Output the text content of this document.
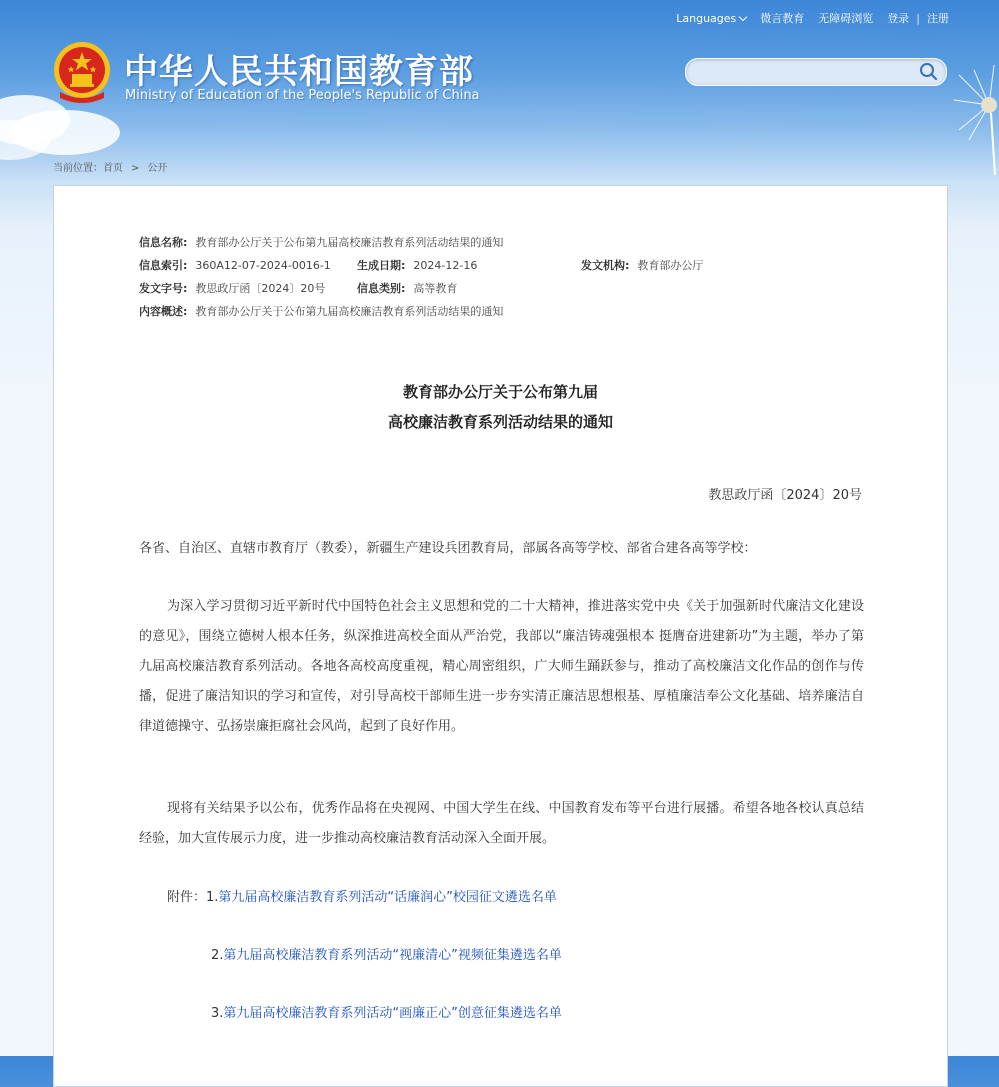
Languages	微言教育 无障碍浏览 登录 | 注册
中华人民共和国教育部
Ministry of Education of the People's Republic of China
当前位置：首页 > 公开
信息名称: 教育部办公厅关于公布第九届高校廉洁教育系列活动结果的通知
信息索引: 360A12-07-2024-0016-1 生成日期: 2024-12-16	发文机构: 教育部办公厅
发文字号: 教思政厅函〔2024〕20号	信息类别: 高等教育
内容概述: 教育部办公厅关于公布第九届高校廉洁教育系列活动结果的通知
教育部办公厅关于公布第九届
高校廉洁教育系列活动结果的通知
教思政厅函〔2024〕20号
各省、自治区、直辖市教育厅（教委），新疆生产建设兵团教育局，部属各高等学校、部省合建各高等学校：
为深入学习贯彻习近平新时代中国特色社会主义思想和党的二十大精神，推进落实党中央《关于加强新时代廉洁文化建设的意见》，围绕立德树人根本任务，纵深推进高校全面从严治党，我部以“廉洁铸魂强根本 挺膺奋进建新功”为主题，举办了第九届高校廉洁教育系列活动。各地各高校高度重视，精心周密组织，广大师生踊跃参与，推动了高校廉洁文化作品的创作与传播，促进了廉洁知识的学习和宣传，对引导高校干部师生进一步夯实清正廉洁思想根基、厚植廉洁奉公文化基础、培养廉洁自律道德操守、弘扬崇廉拒腐社会风尚，起到了良好作用。
现将有关结果予以公布，优秀作品将在央视网、中国大学生在线、中国教育发布等平台进行展播。希望各地各校认真总结经验，加大宣传展示力度，进一步推动高校廉洁教育活动深入全面开展。
附件：1.第九届高校廉洁教育系列活动“话廉润心”校园征文遴选名单
2.第九届高校廉洁教育系列活动“视廉清心”视频征集遴选名单
3.第九届高校廉洁教育系列活动“画廉正心”创意征集遴选名单
